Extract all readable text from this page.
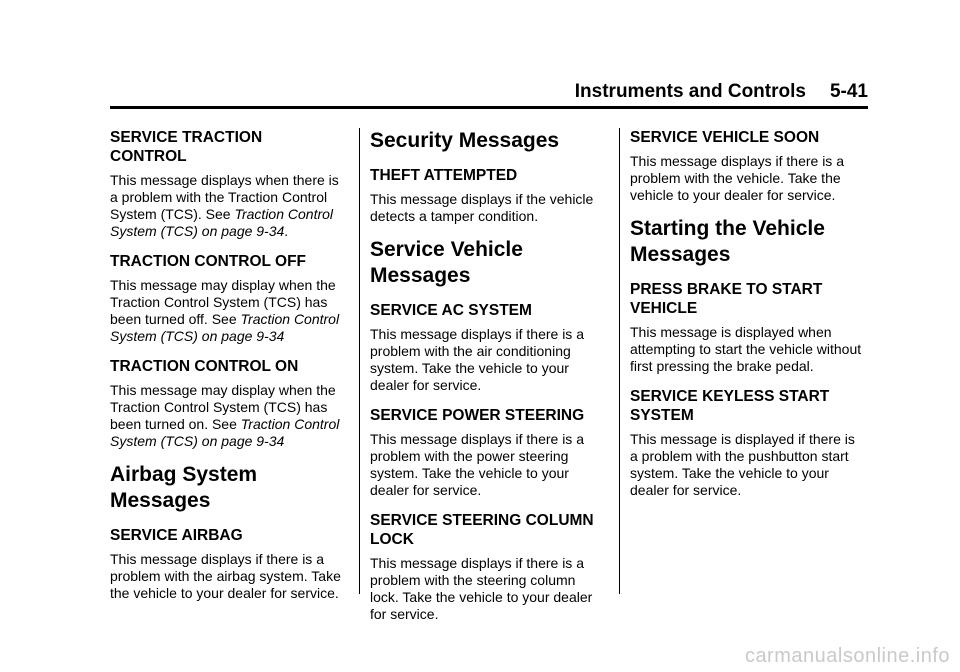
Instruments and Controls 5-41
SERVICE TRACTION CONTROL

This message displays when there is a problem with the Traction Control System (TCS). See Traction Control System (TCS) on page 9-34.

TRACTION CONTROL OFF

This message may display when the Traction Control System (TCS) has been turned off. See Traction Control System (TCS) on page 9-34

TRACTION CONTROL ON

This message may display when the Traction Control System (TCS) has been turned on. See Traction Control System (TCS) on page 9-34

Airbag System Messages
SERVICE AIRBAG

This message displays if there is a problem with the airbag system. Take the vehicle to your dealer for service.

Security Messages
THEFT ATTEMPTED

This message displays if the vehicle detects a tamper condition.

Service Vehicle Messages
SERVICE AC SYSTEM

This message displays if there is a problem with the air conditioning system. Take the vehicle to your dealer for service.

SERVICE POWER STEERING

This message displays if there is a problem with the power steering system. Take the vehicle to your dealer for service.

SERVICE STEERING COLUMN LOCK

This message displays if there is a problem with the steering column lock. Take the vehicle to your dealer for service.

SERVICE VEHICLE SOON

This message displays if there is a problem with the vehicle. Take the vehicle to your dealer for service.

Starting the Vehicle Messages
PRESS BRAKE TO START VEHICLE

This message is displayed when attempting to start the vehicle without first pressing the brake pedal.

SERVICE KEYLESS START SYSTEM

This message is displayed if there is a problem with the pushbutton start system. Take the vehicle to your dealer for service.

carmanualsonline.info
